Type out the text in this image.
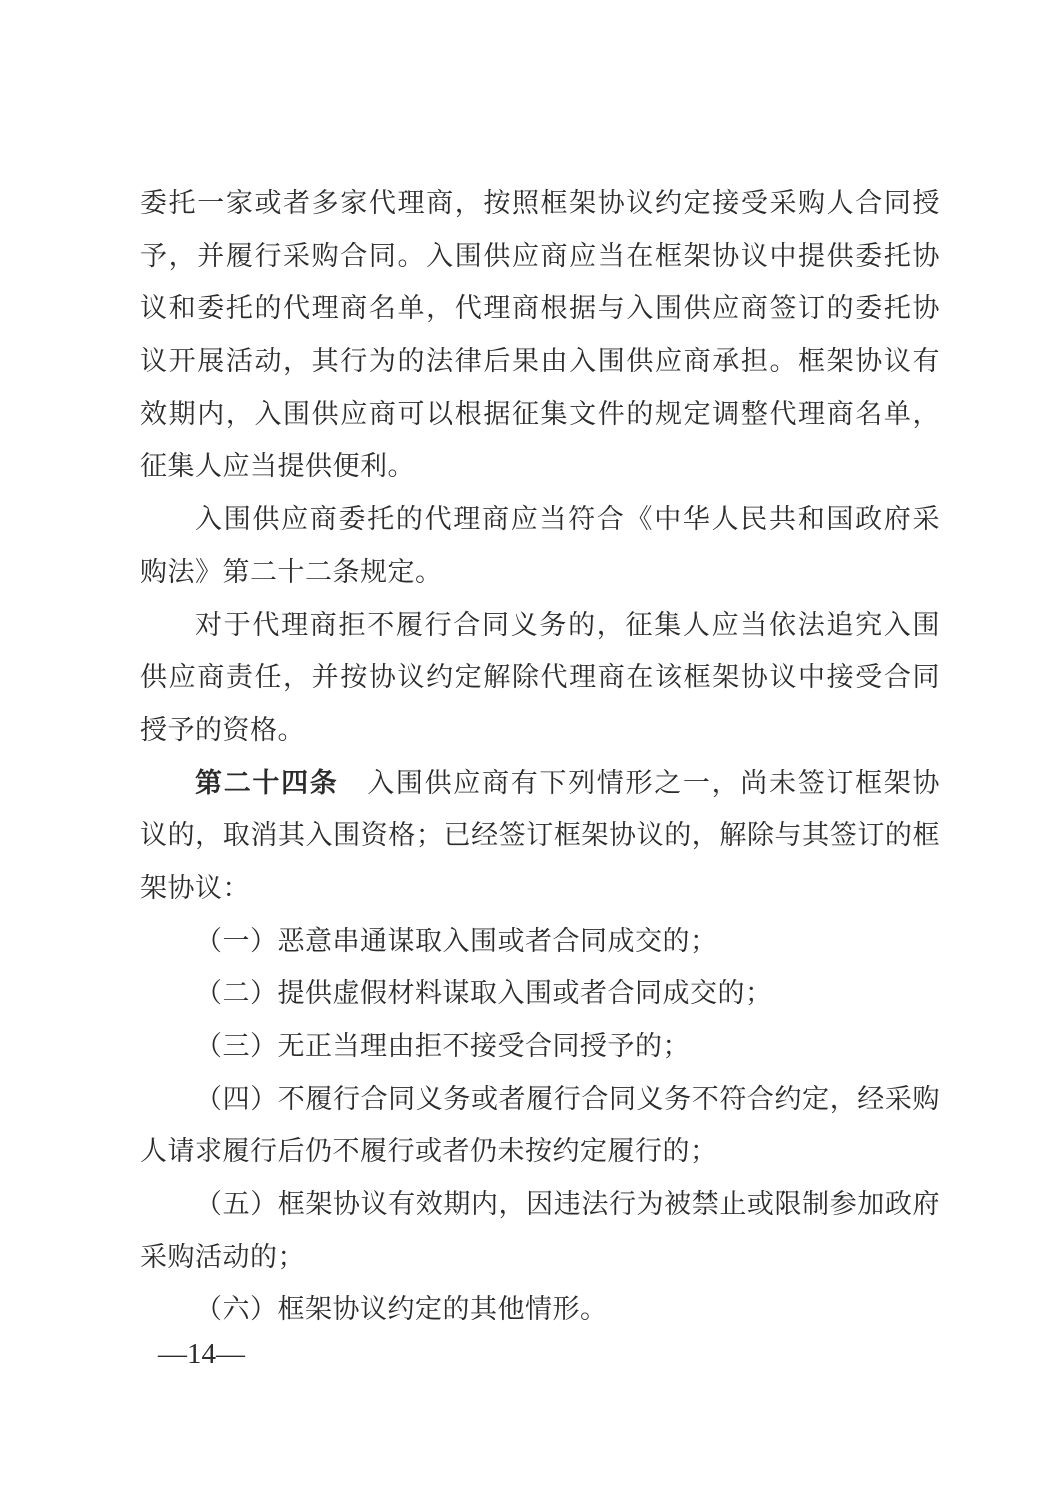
委托一家或者多家代理商，按照框架协议约定接受采购人合同授
予，并履行采购合同。入围供应商应当在框架协议中提供委托协
议和委托的代理商名单，代理商根据与入围供应商签订的委托协
议开展活动，其行为的法律后果由入围供应商承担。框架协议有
效期内，入围供应商可以根据征集文件的规定调整代理商名单，
征集人应当提供便利。
入围供应商委托的代理商应当符合《中华人民共和国政府采
购法》第二十二条规定。
对于代理商拒不履行合同义务的，征集人应当依法追究入围
供应商责任，并按协议约定解除代理商在该框架协议中接受合同
授予的资格。
第二十四条　入围供应商有下列情形之一，尚未签订框架协
议的，取消其入围资格；已经签订框架协议的，解除与其签订的框
架协议：
（一）恶意串通谋取入围或者合同成交的；
（二）提供虚假材料谋取入围或者合同成交的；
（三）无正当理由拒不接受合同授予的；
（四）不履行合同义务或者履行合同义务不符合约定，经采购
人请求履行后仍不履行或者仍未按约定履行的；
（五）框架协议有效期内，因违法行为被禁止或限制参加政府
采购活动的；
（六）框架协议约定的其他情形。
—14—
